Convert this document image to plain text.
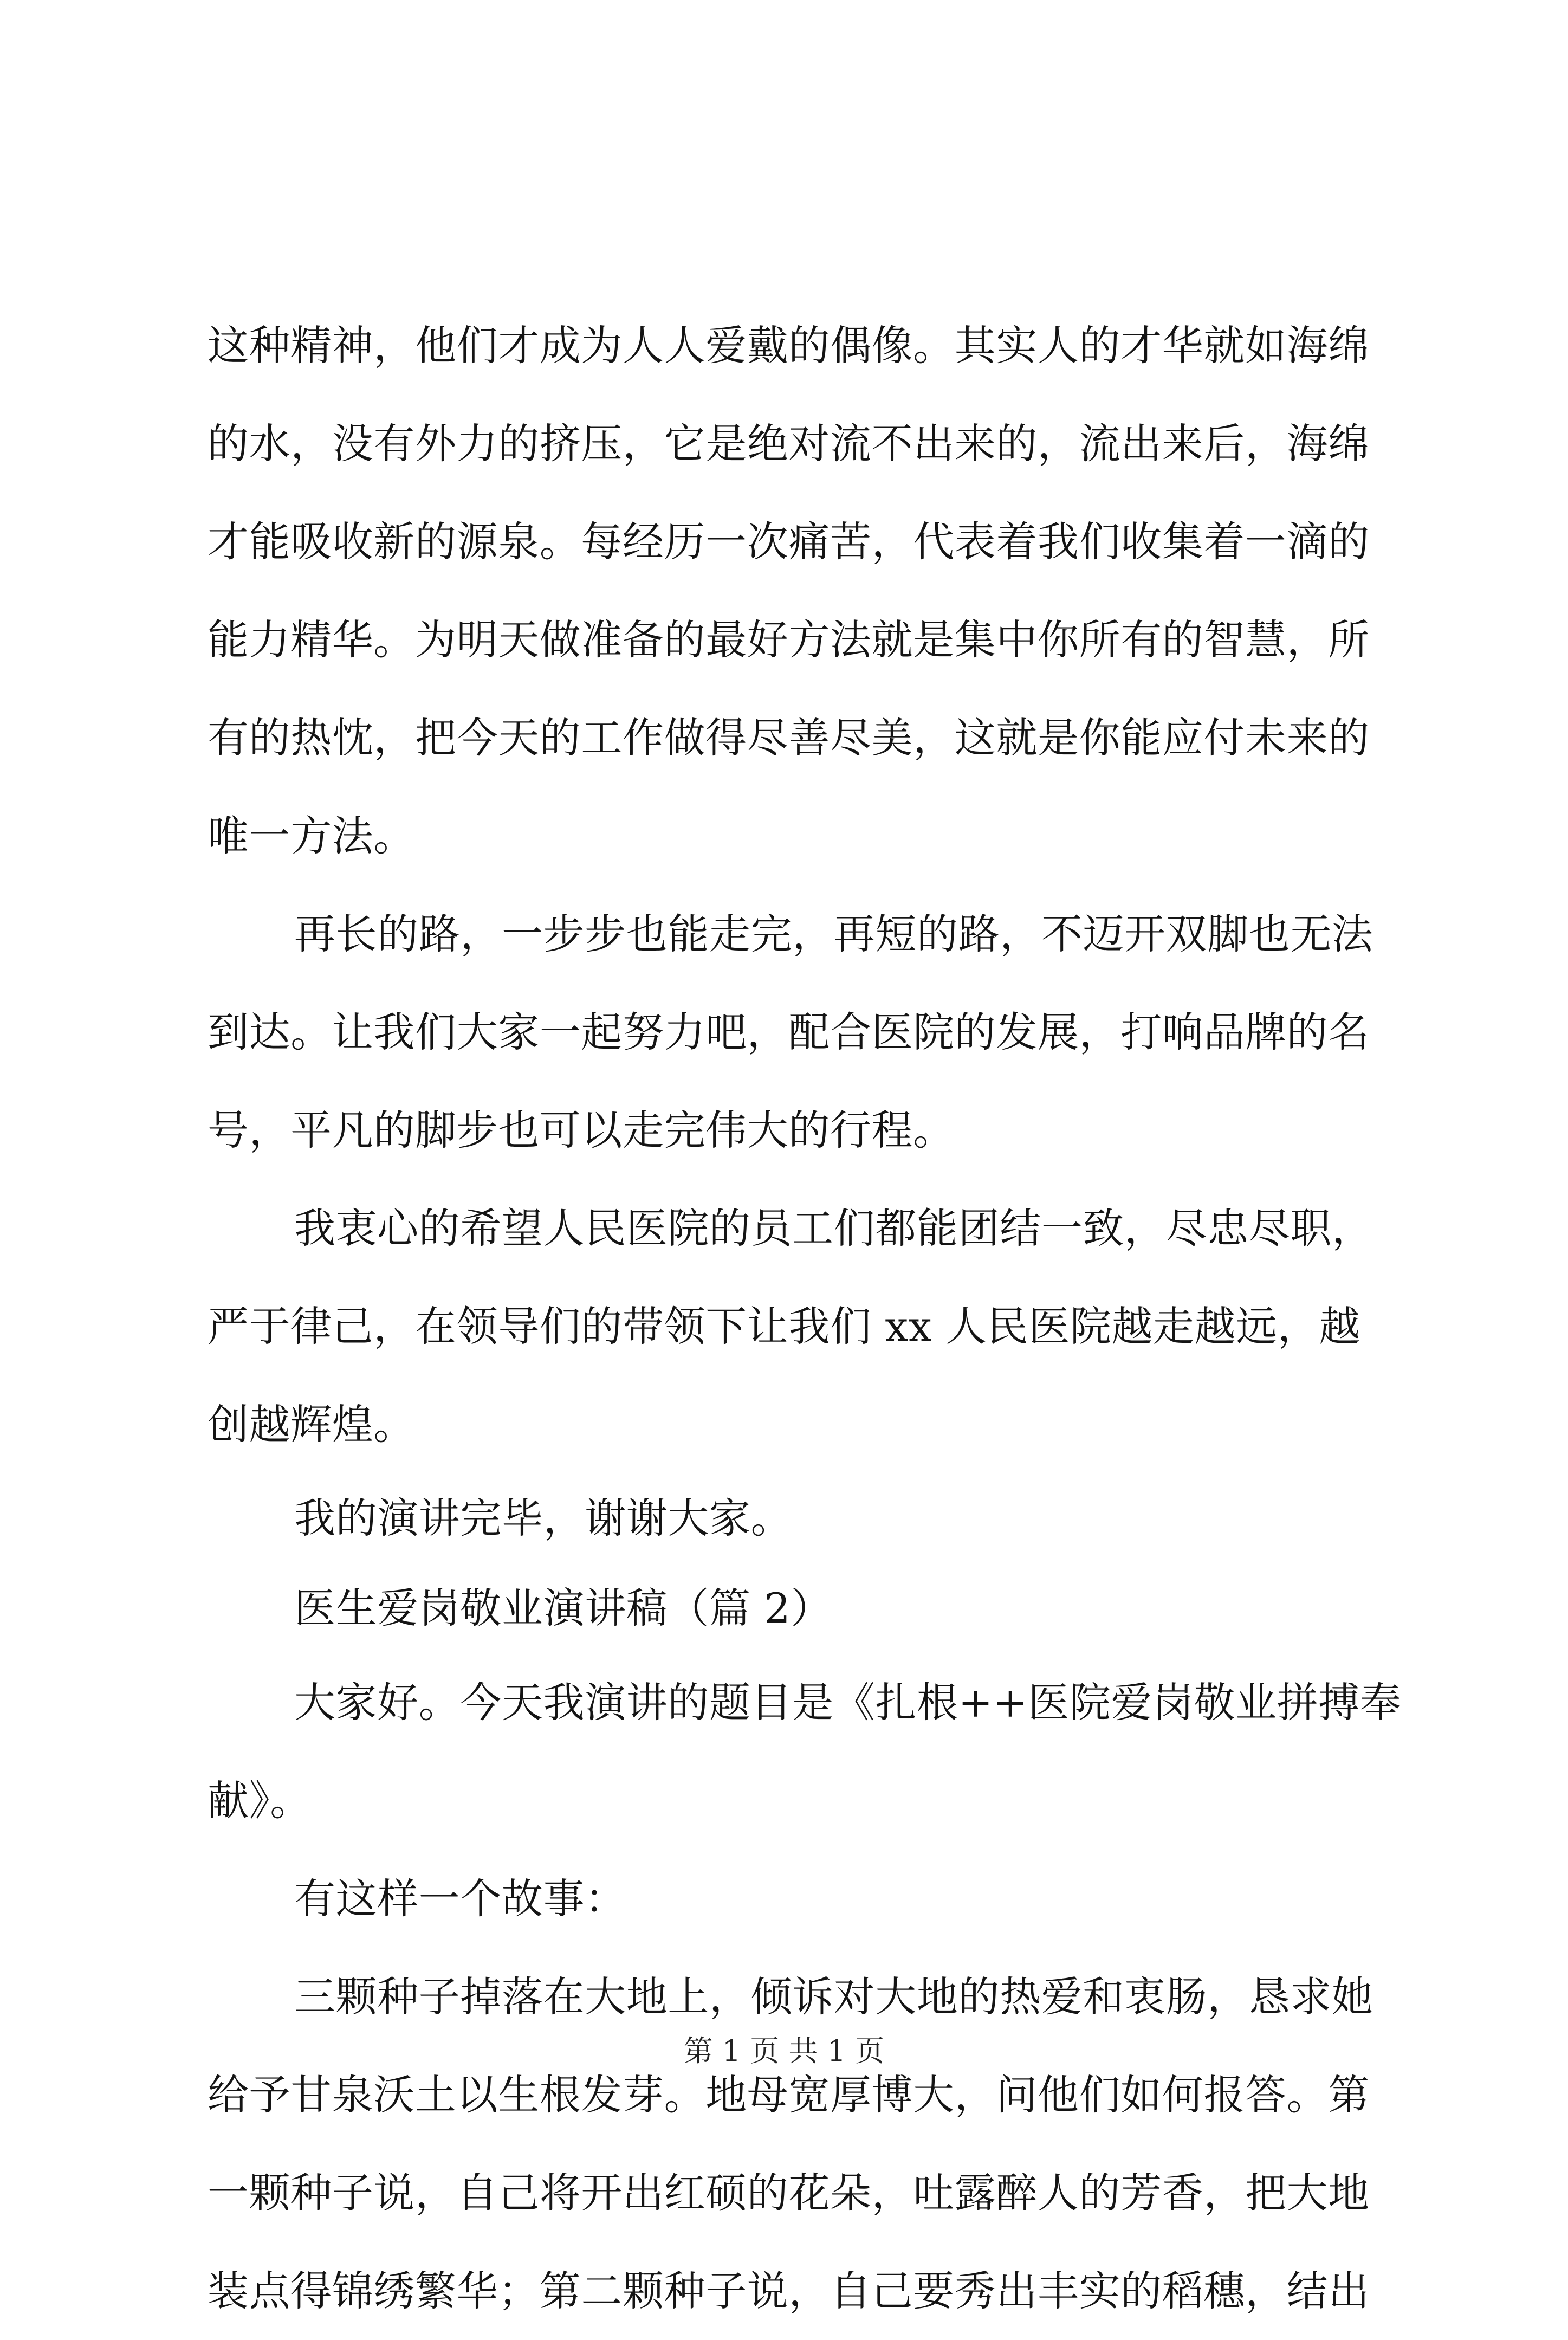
这种精神，他们才成为人人爱戴的偶像。其实人的才华就如海绵
的水，没有外力的挤压，它是绝对流不出来的，流出来后，海绵
才能吸收新的源泉。每经历一次痛苦，代表着我们收集着一滴的
能力精华。为明天做准备的最好方法就是集中你所有的智慧，所
有的热忱，把今天的工作做得尽善尽美，这就是你能应付未来的
唯一方法。
再长的路，一步步也能走完，再短的路，不迈开双脚也无法
到达。让我们大家一起努力吧，配合医院的发展，打响品牌的名
号，平凡的脚步也可以走完伟大的行程。
我衷心的希望人民医院的员工们都能团结一致，尽忠尽职，
严于律己，在领导们的带领下让我们 xx 人民医院越走越远，越
创越辉煌。
我的演讲完毕，谢谢大家。
医生爱岗敬业演讲稿（篇 2）
大家好。今天我演讲的题目是《扎根++医院爱岗敬业拼搏奉
献》。
有这样一个故事：
三颗种子掉落在大地上，倾诉对大地的热爱和衷肠，恳求她
给予甘泉沃土以生根发芽。地母宽厚博大，问他们如何报答。第
一颗种子说，自己将开出红硕的花朵，吐露醉人的芳香，把大地
装点得锦绣繁华；第二颗种子说，自己要秀出丰实的稻穗，结出
第 1 页 共 1 页
